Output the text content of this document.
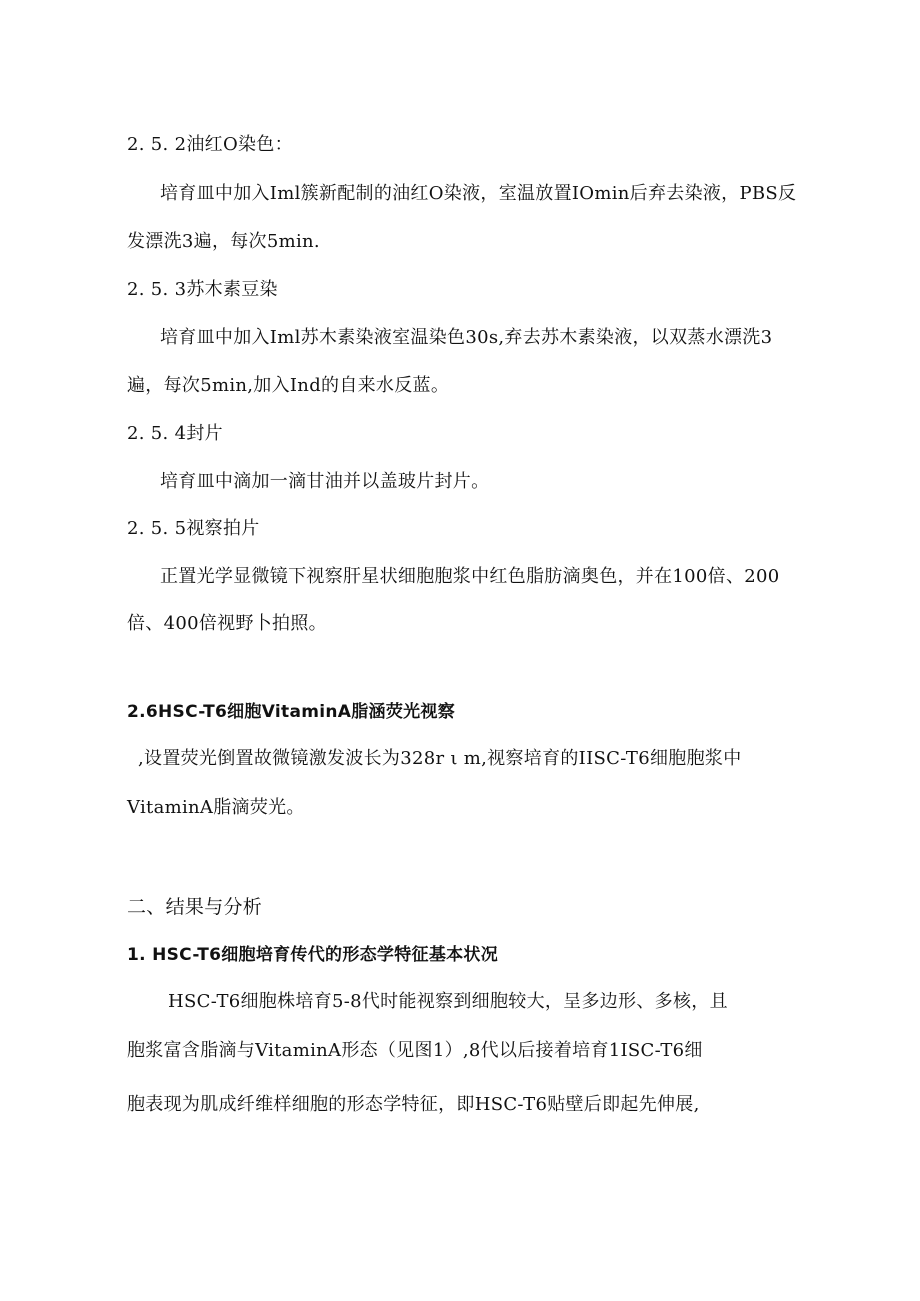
2. 5. 2油红O染色：
培育皿中加入Iml簇新配制的油红O染液，室温放置IOmin后弃去染液，PBS反
发漂洗3遍，每次5min.
2. 5. 3苏木素豆染
培育皿中加入Iml苏木素染液室温染色30s,弃去苏木素染液，以双蒸水漂洗3
遍，每次5min,加入Ind的自来水反蓝。
2. 5. 4封片
培育皿中滴加一滴甘油并以盖玻片封片。
2. 5. 5视察拍片
正置光学显微镜下视察肝星状细胞胞浆中红色脂肪滴奥色，并在100倍、200
倍、400倍视野卜拍照。
2.6HSC-T6细胞VitaminA脂涵荧光视察
,设置荧光倒置故微镜激发波长为328r ι m,视察培育的IISC-T6细胞胞浆中
VitaminA脂滴荧光。
二、结果与分析
1. HSC-T6细胞培育传代的形态学特征基本状况
HSC-T6细胞株培育5-8代时能视察到细胞较大，呈多边形、多核，且
胞浆富含脂滴与VitaminA形态（见图1）,8代以后接着培育1ISC-T6细
胞表现为肌成纤维样细胞的形态学特征，即HSC-T6贴壁后即起先伸展,
